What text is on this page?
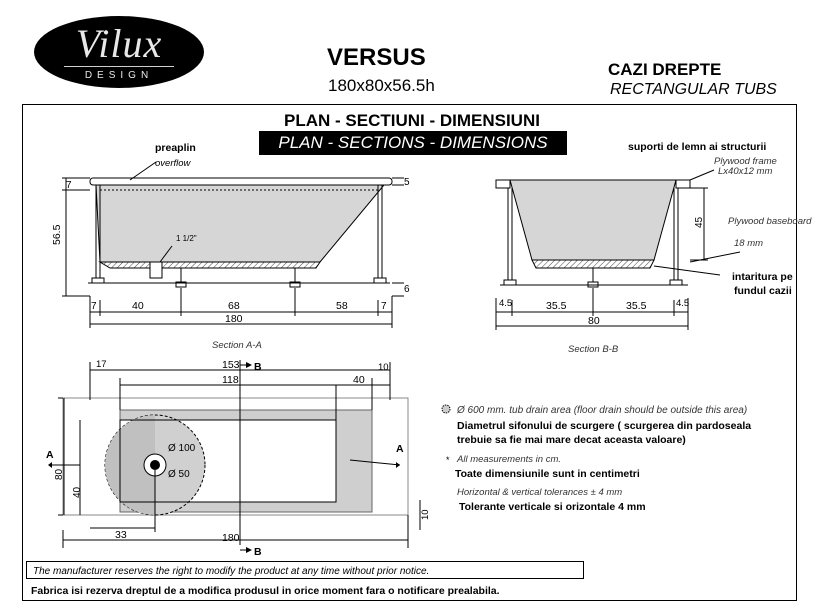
Vilux
DESIGN
VERSUS
180x80x56.5h
CAZI DREPTE
RECTANGULAR TUBS
PLAN - SECTIUNI - DIMENSIUNI
PLAN - SECTIONS - DIMENSIONS
preaplin
overflow
1 1/2"
7
56.5
5
6
7	40	68	58	7
180
Section A-A
suporti de lemn ai structurii
Plywood frame
Lx40x12 mm
Plywood baseboard
18 mm
intaritura pe
fundul cazii
45
4.5	35.5	35.5	4.5
80
Section B-B
17	153	10
118	40
80
40
33	180
10
Ø 100
Ø 50
B
B
A	A
Ø 600 mm. tub drain area (floor drain should be outside this area)
Diametrul sifonului de scurgere ( scurgerea din pardoseala
trebuie sa fie mai mare decat aceasta valoare)
* All measurements in cm.
Toate dimensiunile sunt in centimetri
Horizontal & vertical tolerances ± 4 mm
Tolerante verticale si orizontale 4 mm
The manufacturer reserves the right to modify the product at any time without prior notice.
Fabrica isi rezerva dreptul de a modifica produsul in orice moment fara o notificare prealabila.
